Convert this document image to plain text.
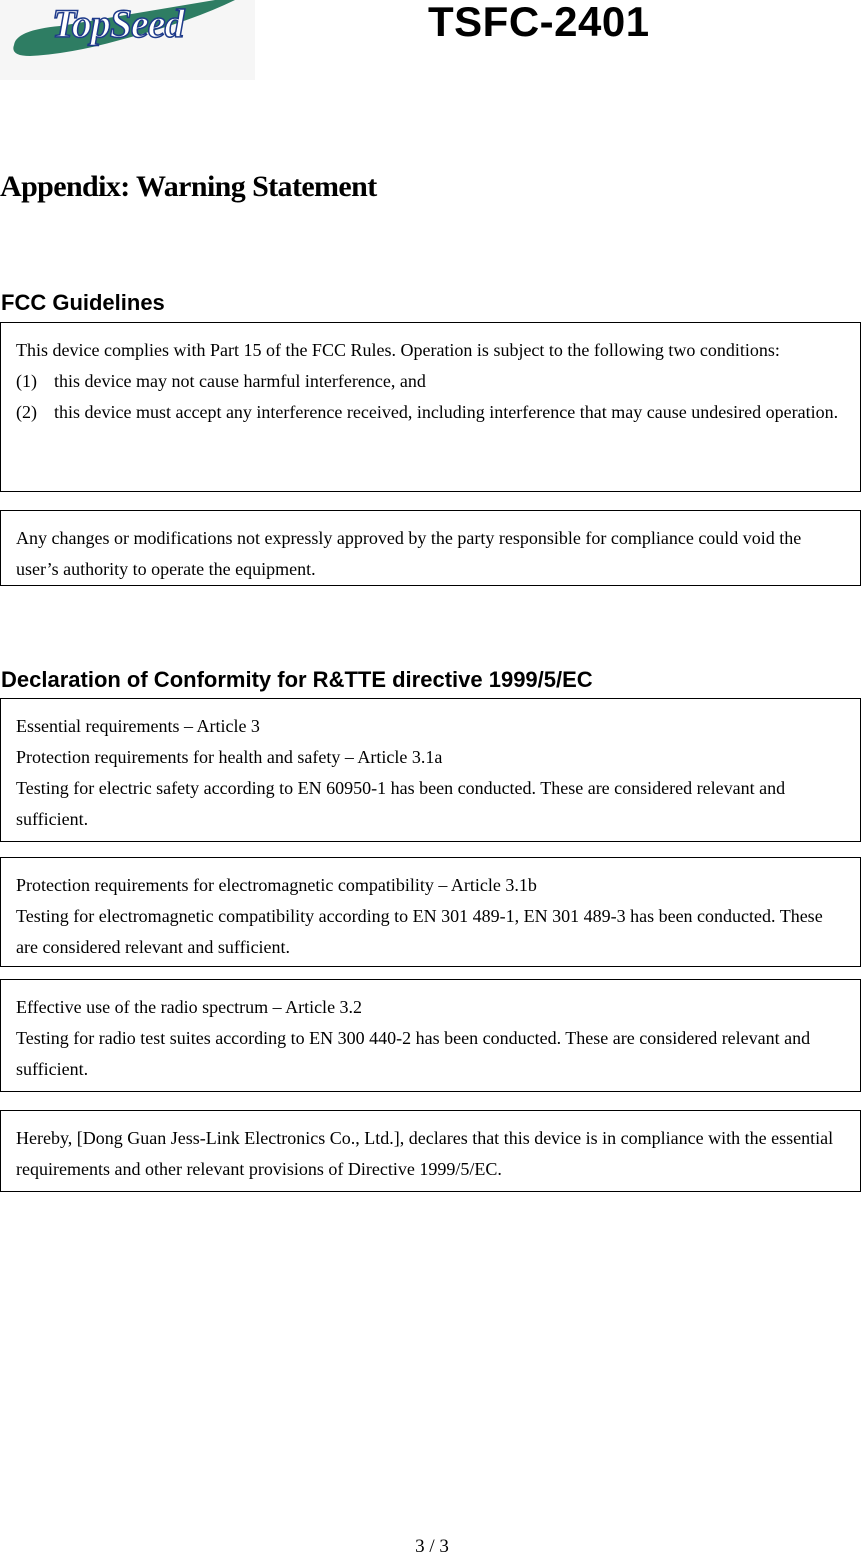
TopSeed	TSFC-2401
Appendix: Warning Statement
FCC Guidelines

This device complies with Part 15 of the FCC Rules. Operation is subject to the following two conditions:

(1) this device may not cause harmful interference, and
(2) this device must accept any interference received, including interference that may cause undesired operation.

Any changes or modifications not expressly approved by the party responsible for compliance could void the user’s authority to operate the equipment.

Declaration of Conformity for R&TTE directive 1999/5/EC

Essential requirements – Article 3

Protection requirements for health and safety – Article 3.1a

Testing for electric safety according to EN 60950-1 has been conducted. These are considered relevant and sufficient.

Protection requirements for electromagnetic compatibility – Article 3.1b

Testing for electromagnetic compatibility according to EN 301 489-1, EN 301 489-3 has been conducted. These are considered relevant and sufficient.

Effective use of the radio spectrum – Article 3.2

Testing for radio test suites according to EN 300 440-2 has been conducted. These are considered relevant and sufficient.

Hereby, [Dong Guan Jess-Link Electronics Co., Ltd.], declares that this device is in compliance with the essential requirements and other relevant provisions of Directive 1999/5/EC.

3 / 3
